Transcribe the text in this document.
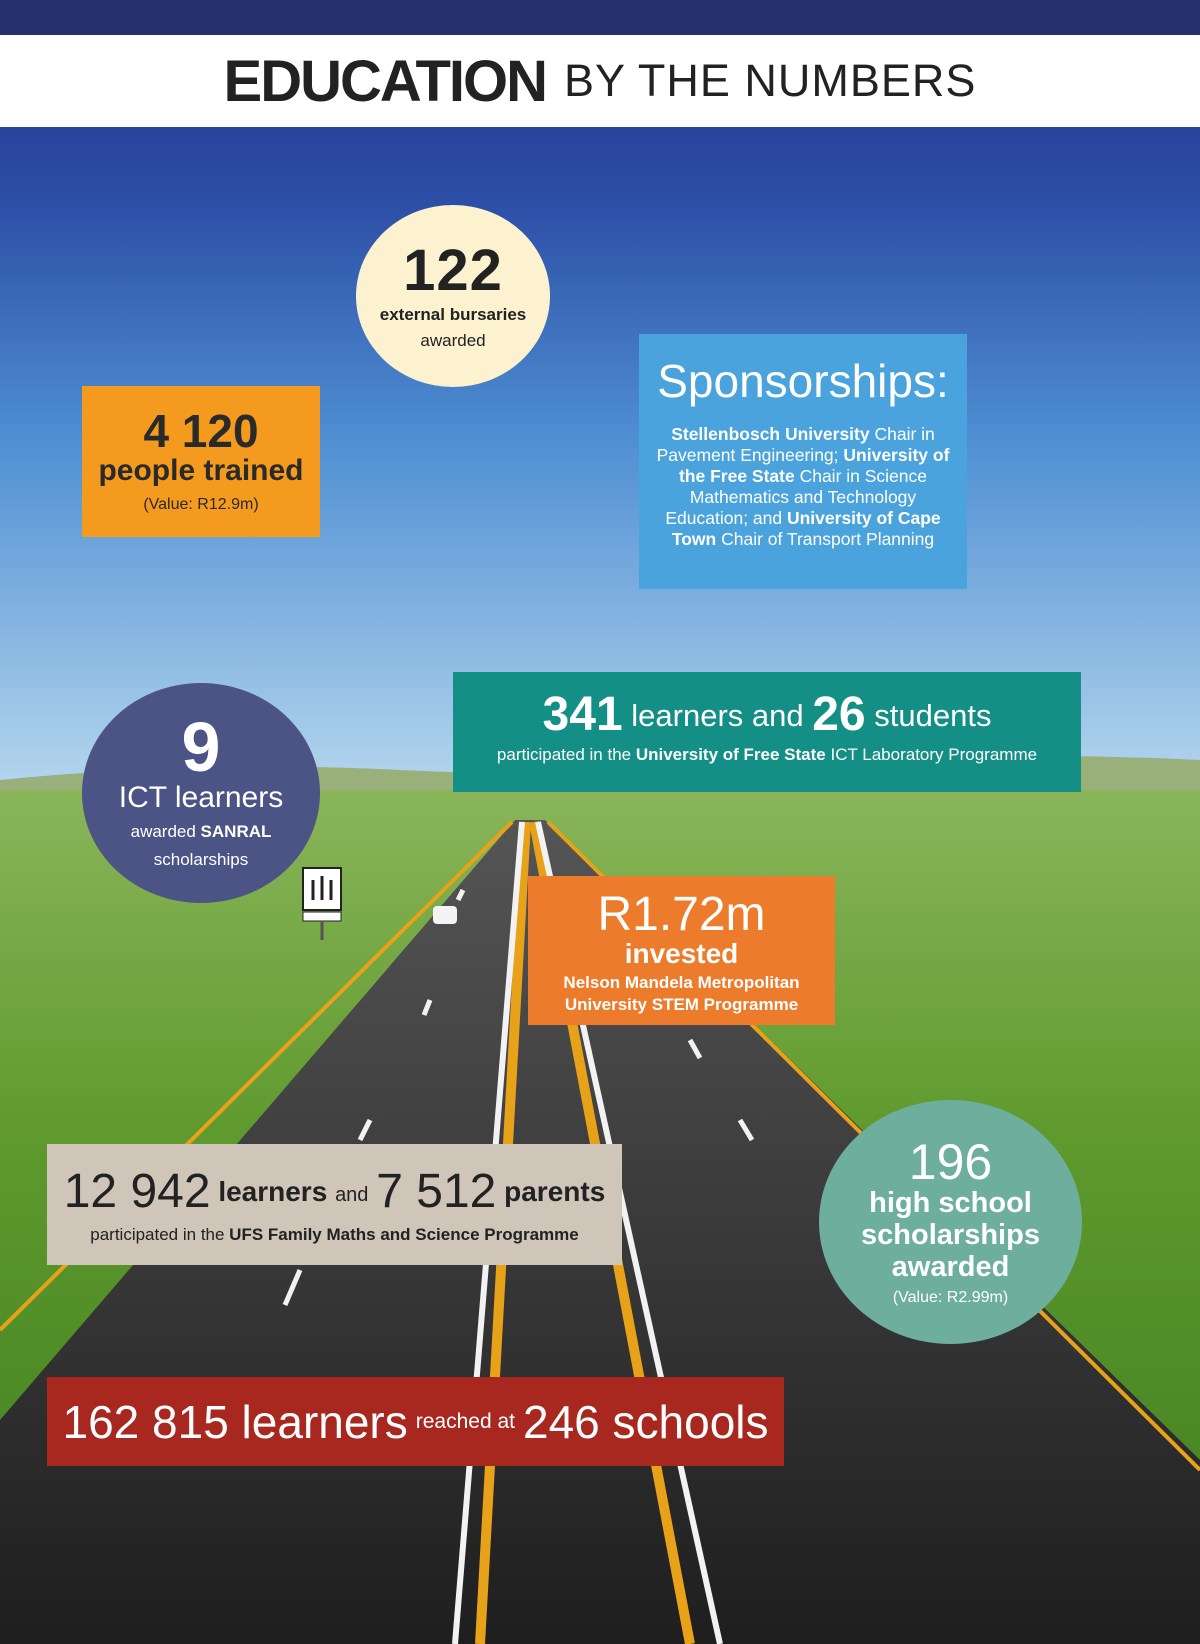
EDUCATION BY THE NUMBERS
122
external bursaries
awarded
4 120
people trained
(Value: R12.9m)
Sponsorships:
Stellenbosch University Chair in Pavement Engineering; University of the Free State Chair in Science Mathematics and Technology Education; and University of Cape Town Chair of Transport Planning
341 learners and 26 students
participated in the University of Free State ICT Laboratory Programme
9
ICT learners
awarded SANRAL
scholarships
R1.72m
invested
Nelson Mandela Metropolitan
University STEM Programme
12 942 learners and 7 512 parents
participated in the UFS Family Maths and Science Programme
196
high school
scholarships
awarded
(Value: R2.99m)
162 815 learners reached at 246 schools
